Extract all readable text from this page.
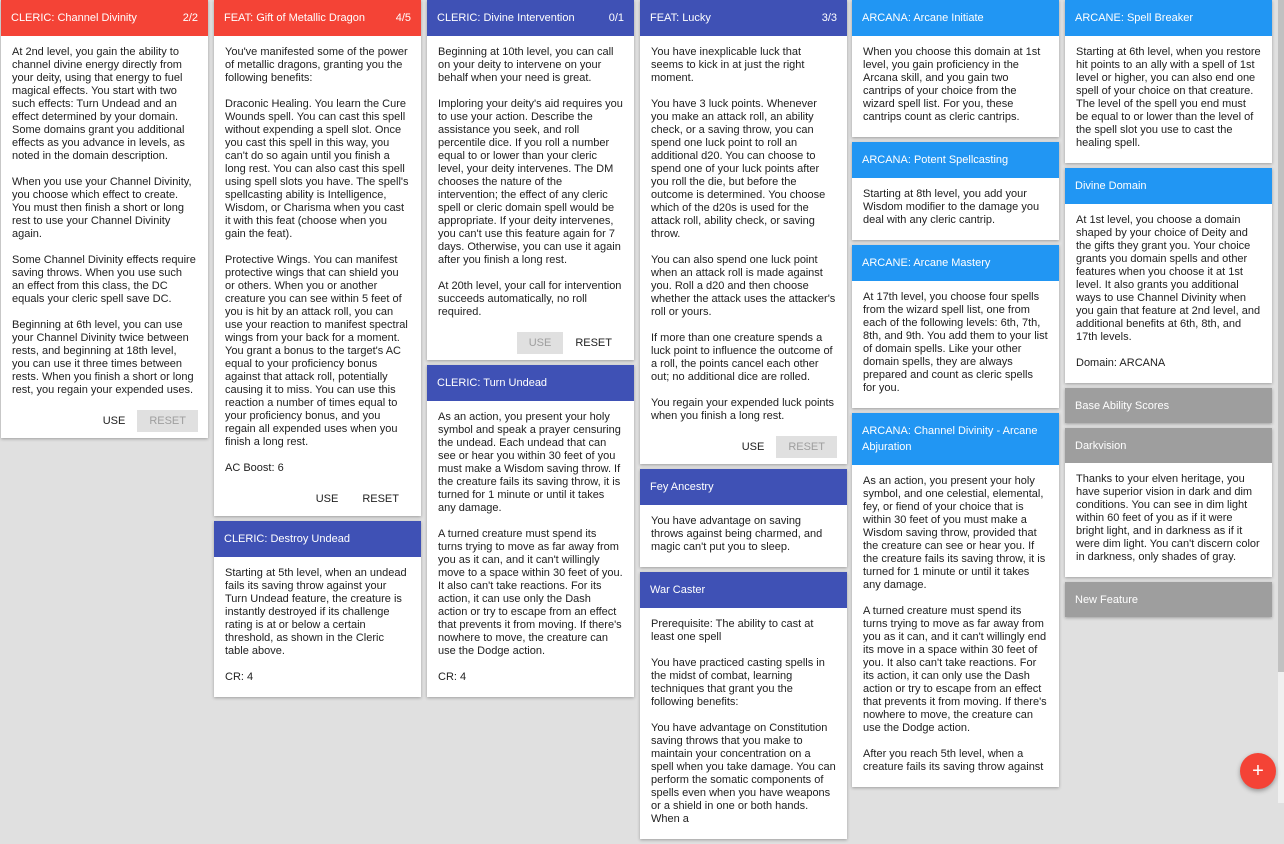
CLERIC: Channel Divinity	2/2

At 2nd level, you gain the ability to channel divine energy directly from your deity, using that energy to fuel magical effects. You start with two such effects: Turn Undead and an effect determined by your domain. Some domains grant you additional effects as you advance in levels, as noted in the domain description.

When you use your Channel Divinity, you choose which effect to create. You must then finish a short or long rest to use your Channel Divinity again.

Some Channel Divinity effects require saving throws. When you use such an effect from this class, the DC equals your cleric spell save DC.

Beginning at 6th level, you can use your Channel Divinity twice between rests, and beginning at 18th level, you can use it three times between rests. When you finish a short or long rest, you regain your expended uses.

USE	RESET
FEAT: Gift of Metallic Dragon	4/5

You've manifested some of the power of metallic dragons, granting you the following benefits:

Draconic Healing. You learn the Cure Wounds spell. You can cast this spell without expending a spell slot. Once you cast this spell in this way, you can't do so again until you finish a long rest. You can also cast this spell using spell slots you have. The spell's spellcasting ability is Intelligence, Wisdom, or Charisma when you cast it with this feat (choose when you gain the feat).

Protective Wings. You can manifest protective wings that can shield you or others. When you or another creature you can see within 5 feet of you is hit by an attack roll, you can use your reaction to manifest spectral wings from your back for a moment. You grant a bonus to the target's AC equal to your proficiency bonus against that attack roll, potentially causing it to miss. You can use this reaction a number of times equal to your proficiency bonus, and you regain all expended uses when you finish a long rest.

AC Boost: 6

USE	RESET
CLERIC: Destroy Undead

Starting at 5th level, when an undead fails its saving throw against your Turn Undead feature, the creature is instantly destroyed if its challenge rating is at or below a certain threshold, as shown in the Cleric table above.

CR: 4

CLERIC: Divine Intervention	0/1

Beginning at 10th level, you can call on your deity to intervene on your behalf when your need is great.

Imploring your deity's aid requires you to use your action. Describe the assistance you seek, and roll percentile dice. If you roll a number equal to or lower than your cleric level, your deity intervenes. The DM chooses the nature of the intervention; the effect of any cleric spell or cleric domain spell would be appropriate. If your deity intervenes, you can't use this feature again for 7 days. Otherwise, you can use it again after you finish a long rest.

At 20th level, your call for intervention succeeds automatically, no roll required.

USE	RESET
CLERIC: Turn Undead

As an action, you present your holy symbol and speak a prayer censuring the undead. Each undead that can see or hear you within 30 feet of you must make a Wisdom saving throw. If the creature fails its saving throw, it is turned for 1 minute or until it takes any damage.

A turned creature must spend its turns trying to move as far away from you as it can, and it can't willingly move to a space within 30 feet of you. It also can't take reactions. For its action, it can use only the Dash action or try to escape from an effect that prevents it from moving. If there's nowhere to move, the creature can use the Dodge action.

CR: 4

FEAT: Lucky	3/3

You have inexplicable luck that seems to kick in at just the right moment.

You have 3 luck points. Whenever you make an attack roll, an ability check, or a saving throw, you can spend one luck point to roll an additional d20. You can choose to spend one of your luck points after you roll the die, but before the outcome is determined. You choose which of the d20s is used for the attack roll, ability check, or saving throw.

You can also spend one luck point when an attack roll is made against you. Roll a d20 and then choose whether the attack uses the attacker's roll or yours.

If more than one creature spends a luck point to influence the outcome of a roll, the points cancel each other out; no additional dice are rolled.

You regain your expended luck points when you finish a long rest.

USE	RESET
Fey Ancestry

You have advantage on saving throws against being charmed, and magic can't put you to sleep.

War Caster

Prerequisite: The ability to cast at least one spell

You have practiced casting spells in the midst of combat, learning techniques that grant you the following benefits:

You have advantage on Constitution saving throws that you make to maintain your concentration on a spell when you take damage. You can perform the somatic components of spells even when you have weapons or a shield in one or both hands. When a

ARCANA: Arcane Initiate

When you choose this domain at 1st level, you gain proficiency in the Arcana skill, and you gain two cantrips of your choice from the wizard spell list. For you, these cantrips count as cleric cantrips.

ARCANA: Potent Spellcasting

Starting at 8th level, you add your Wisdom modifier to the damage you deal with any cleric cantrip.

ARCANE: Arcane Mastery

At 17th level, you choose four spells from the wizard spell list, one from each of the following levels: 6th, 7th, 8th, and 9th. You add them to your list of domain spells. Like your other domain spells, they are always prepared and count as cleric spells for you.

ARCANA: Channel Divinity - Arcane Abjuration

As an action, you present your holy symbol, and one celestial, elemental, fey, or fiend of your choice that is within 30 feet of you must make a Wisdom saving throw, provided that the creature can see or hear you. If the creature fails its saving throw, it is turned for 1 minute or until it takes any damage.

A turned creature must spend its turns trying to move as far away from you as it can, and it can't willingly end its move in a space within 30 feet of you. It also can't take reactions. For its action, it can only use the Dash action or try to escape from an effect that prevents it from moving. If there's nowhere to move, the creature can use the Dodge action.

After you reach 5th level, when a creature fails its saving throw against

ARCANE: Spell Breaker

Starting at 6th level, when you restore hit points to an ally with a spell of 1st level or higher, you can also end one spell of your choice on that creature. The level of the spell you end must be equal to or lower than the level of the spell slot you use to cast the healing spell.

Divine Domain

At 1st level, you choose a domain shaped by your choice of Deity and the gifts they grant you. Your choice grants you domain spells and other features when you choose it at 1st level. It also grants you additional ways to use Channel Divinity when you gain that feature at 2nd level, and additional benefits at 6th, 8th, and 17th levels.

Domain: ARCANA

Base Ability Scores
Darkvision

Thanks to your elven heritage, you have superior vision in dark and dim conditions. You can see in dim light within 60 feet of you as if it were bright light, and in darkness as if it were dim light. You can't discern color in darkness, only shades of gray.

New Feature
+
